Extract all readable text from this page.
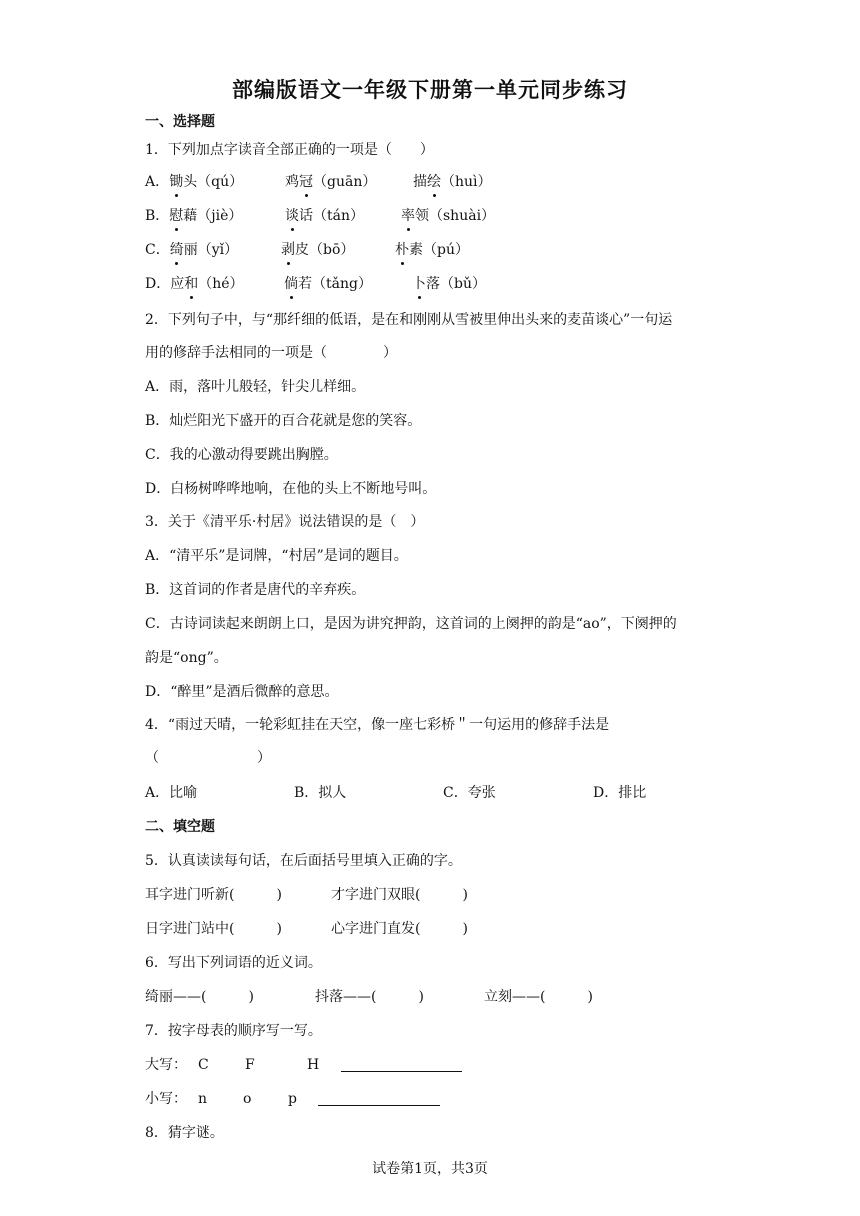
部编版语文一年级下册第一单元同步练习
一、选择题
1．下列加点字读音全部正确的一项是（　　）
A．锄头（qú）	鸡冠（guān）	描绘（huì）
B．慰藉（jiè）	谈话（tán）	率领（shuài）
C．绮丽（yǐ）	剥皮（bō）	朴素（pú）
D．应和（hé）	倘若（tǎng）	卜落（bǔ）
2．下列句子中，与“那纤细的低语，是在和刚刚从雪被里伸出头来的麦苗谈心”一句运
用的修辞手法相同的一项是（　　　　）
A．雨，落叶儿般轻，针尖儿样细。
B．灿烂阳光下盛开的百合花就是您的笑容。
C．我的心激动得要跳出胸膛。
D．白杨树哗哗地响，在他的头上不断地号叫。
3．关于《清平乐·村居》说法错误的是（　）
A．“清平乐”是词牌，“村居”是词的题目。
B．这首词的作者是唐代的辛弃疾。
C．古诗词读起来朗朗上口，是因为讲究押韵，这首词的上阕押的韵是“ao”，下阕押的
韵是“ong”。
D．“醉里”是酒后微醉的意思。
4．“雨过天晴，一轮彩虹挂在天空，像一座七彩桥＂一句运用的修辞手法是
（　　　　　　　）
A．比喻	B．拟人	C．夸张	D．排比
二、填空题
5．认真读读每句话，在后面括号里填入正确的字。
耳字进门听新(　　　)	才字进门双眼(　　　)
日字进门站中(　　　)	心字进门直发(　　　)
6．写出下列词语的近义词。
绮丽——(　　　)	抖落——(　　　)	立刻——(　　　)
7．按字母表的顺序写一写。
大写： C	F	H
小写： n	o	p
8．猜字谜。
试卷第1页，共3页
